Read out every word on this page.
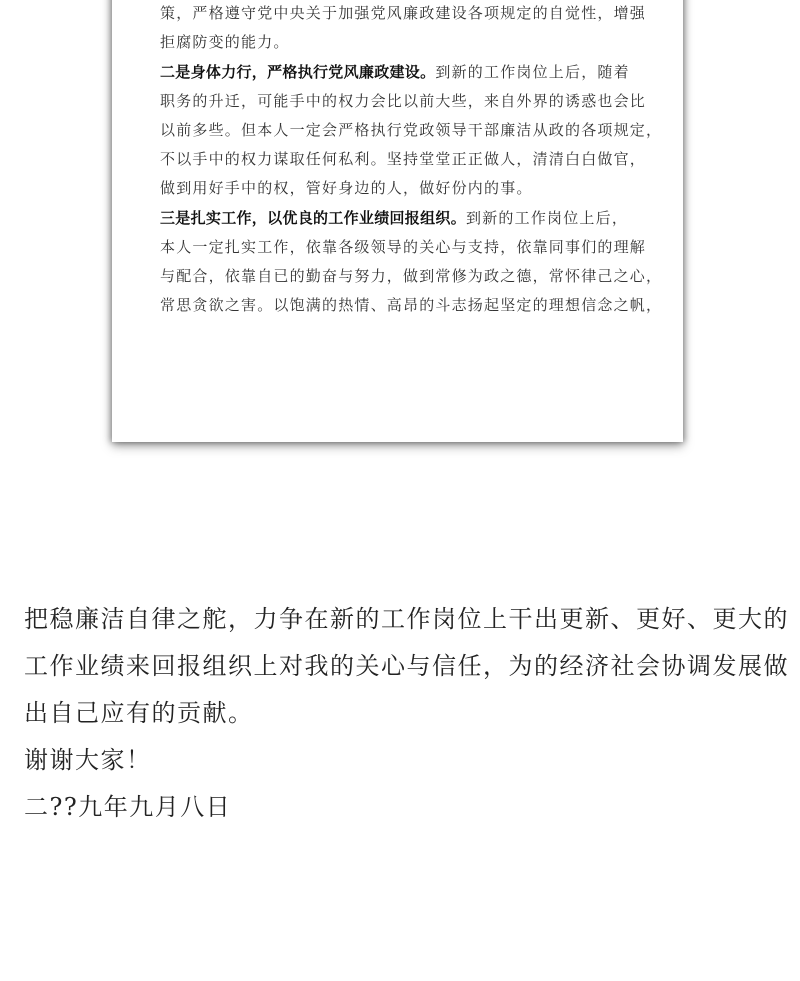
策，严格遵守党中央关于加强党风廉政建设各项规定的自觉性，增强

拒腐防变的能力。

二是身体力行，严格执行党风廉政建设。到新的工作岗位上后，随着

职务的升迁，可能手中的权力会比以前大些，来自外界的诱惑也会比

以前多些。但本人一定会严格执行党政领导干部廉洁从政的各项规定，

不以手中的权力谋取任何私利。坚持堂堂正正做人，清清白白做官，

做到用好手中的权，管好身边的人，做好份内的事。

三是扎实工作，以优良的工作业绩回报组织。到新的工作岗位上后，

本人一定扎实工作，依靠各级领导的关心与支持，依靠同事们的理解

与配合，依靠自已的勤奋与努力，做到常修为政之德，常怀律己之心，

常思贪欲之害。以饱满的热情、高昂的斗志扬起坚定的理想信念之帆，

把稳廉洁自律之舵，力争在新的工作岗位上干出更新、更好、更大的

工作业绩来回报组织上对我的关心与信任，为的经济社会协调发展做

出自己应有的贡献。

谢谢大家！

二??九年九月八日
